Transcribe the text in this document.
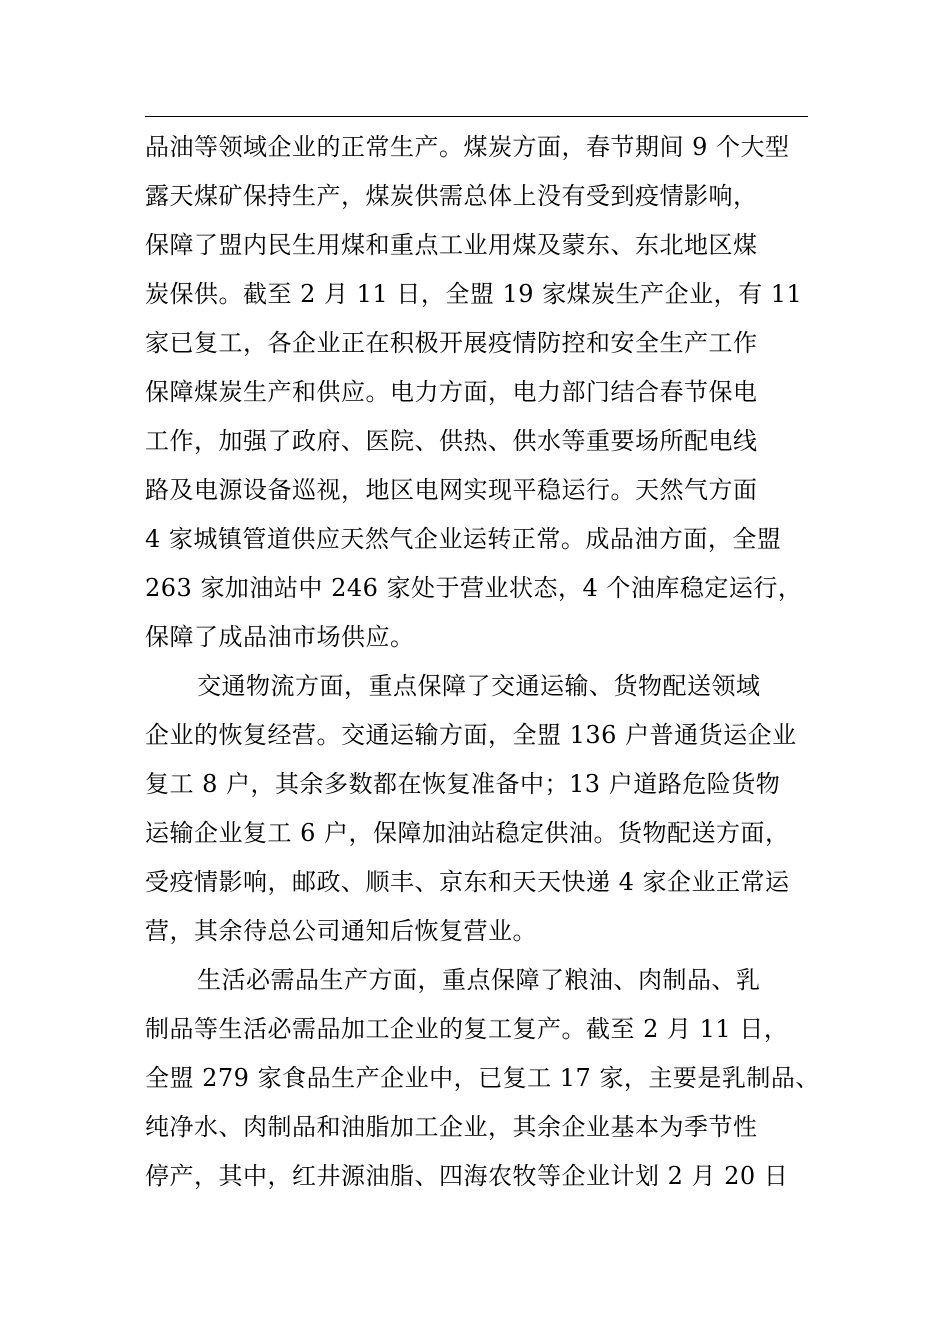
品油等领域企业的正常生产。煤炭方面，春节期间 9 个大型
露天煤矿保持生产，煤炭供需总体上没有受到疫情影响，
保障了盟内民生用煤和重点工业用煤及蒙东、东北地区煤
炭保供。截至 2 月 11 日，全盟 19 家煤炭生产企业，有 11
家已复工，各企业正在积极开展疫情防控和安全生产工作
保障煤炭生产和供应。电力方面，电力部门结合春节保电
工作，加强了政府、医院、供热、供水等重要场所配电线
路及电源设备巡视，地区电网实现平稳运行。天然气方面
4 家城镇管道供应天然气企业运转正常。成品油方面，全盟
263 家加油站中 246 家处于营业状态，4 个油库稳定运行，
保障了成品油市场供应。
交通物流方面，重点保障了交通运输、货物配送领域
企业的恢复经营。交通运输方面，全盟 136 户普通货运企业
复工 8 户，其余多数都在恢复准备中；13 户道路危险货物
运输企业复工 6 户，保障加油站稳定供油。货物配送方面，
受疫情影响，邮政、顺丰、京东和天天快递 4 家企业正常运
营，其余待总公司通知后恢复营业。
生活必需品生产方面，重点保障了粮油、肉制品、乳
制品等生活必需品加工企业的复工复产。截至 2 月 11 日，
全盟 279 家食品生产企业中，已复工 17 家，主要是乳制品、
纯净水、肉制品和油脂加工企业，其余企业基本为季节性
停产，其中，红井源油脂、四海农牧等企业计划 2 月 20 日
